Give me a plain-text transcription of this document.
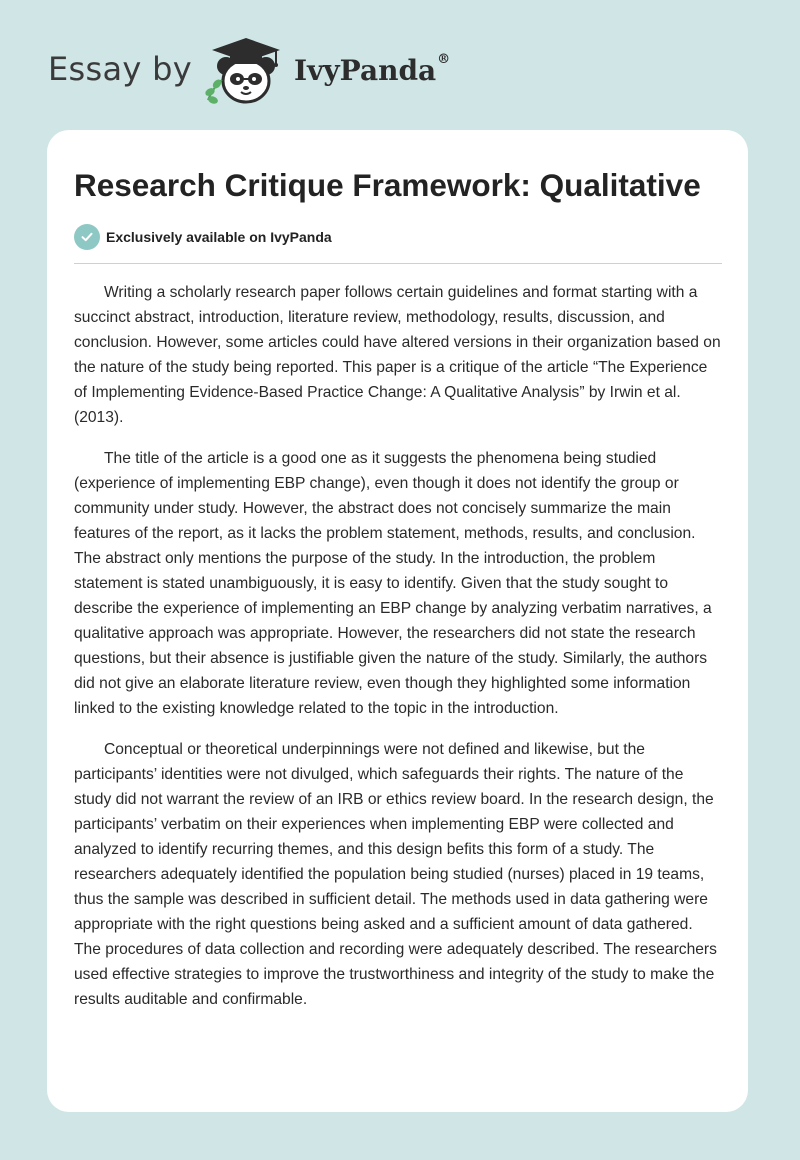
Essay by	IvyPanda®
Research Critique Framework: Qualitative
Exclusively available on IvyPanda

Writing a scholarly research paper follows certain guidelines and format starting with a succinct abstract, introduction, literature review, methodology, results, discussion, and conclusion. However, some articles could have altered versions in their organization based on the nature of the study being reported. This paper is a critique of the article “The Experience of Implementing Evidence-Based Practice Change: A Qualitative Analysis” by Irwin et al. (2013).

The title of the article is a good one as it suggests the phenomena being studied (experience of implementing EBP change), even though it does not identify the group or community under study. However, the abstract does not concisely summarize the main features of the report, as it lacks the problem statement, methods, results, and conclusion. The abstract only mentions the purpose of the study. In the introduction, the problem statement is stated unambiguously, it is easy to identify. Given that the study sought to describe the experience of implementing an EBP change by analyzing verbatim narratives, a qualitative approach was appropriate. However, the researchers did not state the research questions, but their absence is justifiable given the nature of the study. Similarly, the authors did not give an elaborate literature review, even though they highlighted some information linked to the existing knowledge related to the topic in the introduction.

Conceptual or theoretical underpinnings were not defined and likewise, but the participants’ identities were not divulged, which safeguards their rights. The nature of the study did not warrant the review of an IRB or ethics review board. In the research design, the participants’ verbatim on their experiences when implementing EBP were collected and analyzed to identify recurring themes, and this design befits this form of a study. The researchers adequately identified the population being studied (nurses) placed in 19 teams, thus the sample was described in sufficient detail. The methods used in data gathering were appropriate with the right questions being asked and a sufficient amount of data gathered. The procedures of data collection and recording were adequately described. The researchers used effective strategies to improve the trustworthiness and integrity of the study to make the results auditable and confirmable.
